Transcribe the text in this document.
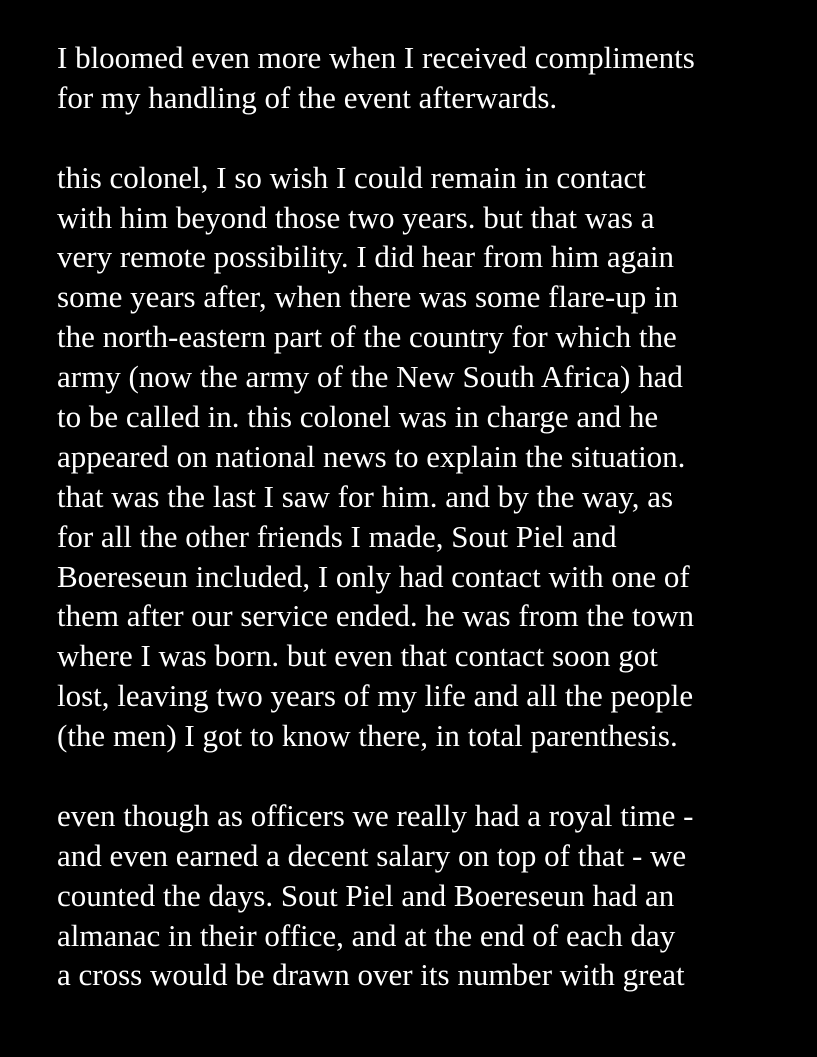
I bloomed even more when I received compliments
for my handling of the event afterwards.
this colonel, I so wish I could remain in contact
with him beyond those two years. but that was a
very remote possibility. I did hear from him again
some years after, when there was some flare-up in
the north-eastern part of the country for which the
army (now the army of the New South Africa) had
to be called in. this colonel was in charge and he
appeared on national news to explain the situation.
that was the last I saw for him. and by the way, as
for all the other friends I made, Sout Piel and
Boereseun included, I only had contact with one of
them after our service ended. he was from the town
where I was born. but even that contact soon got
lost, leaving two years of my life and all the people
(the men) I got to know there, in total parenthesis.
even though as officers we really had a royal time -
and even earned a decent salary on top of that - we
counted the days. Sout Piel and Boereseun had an
almanac in their office, and at the end of each day
a cross would be drawn over its number with great
